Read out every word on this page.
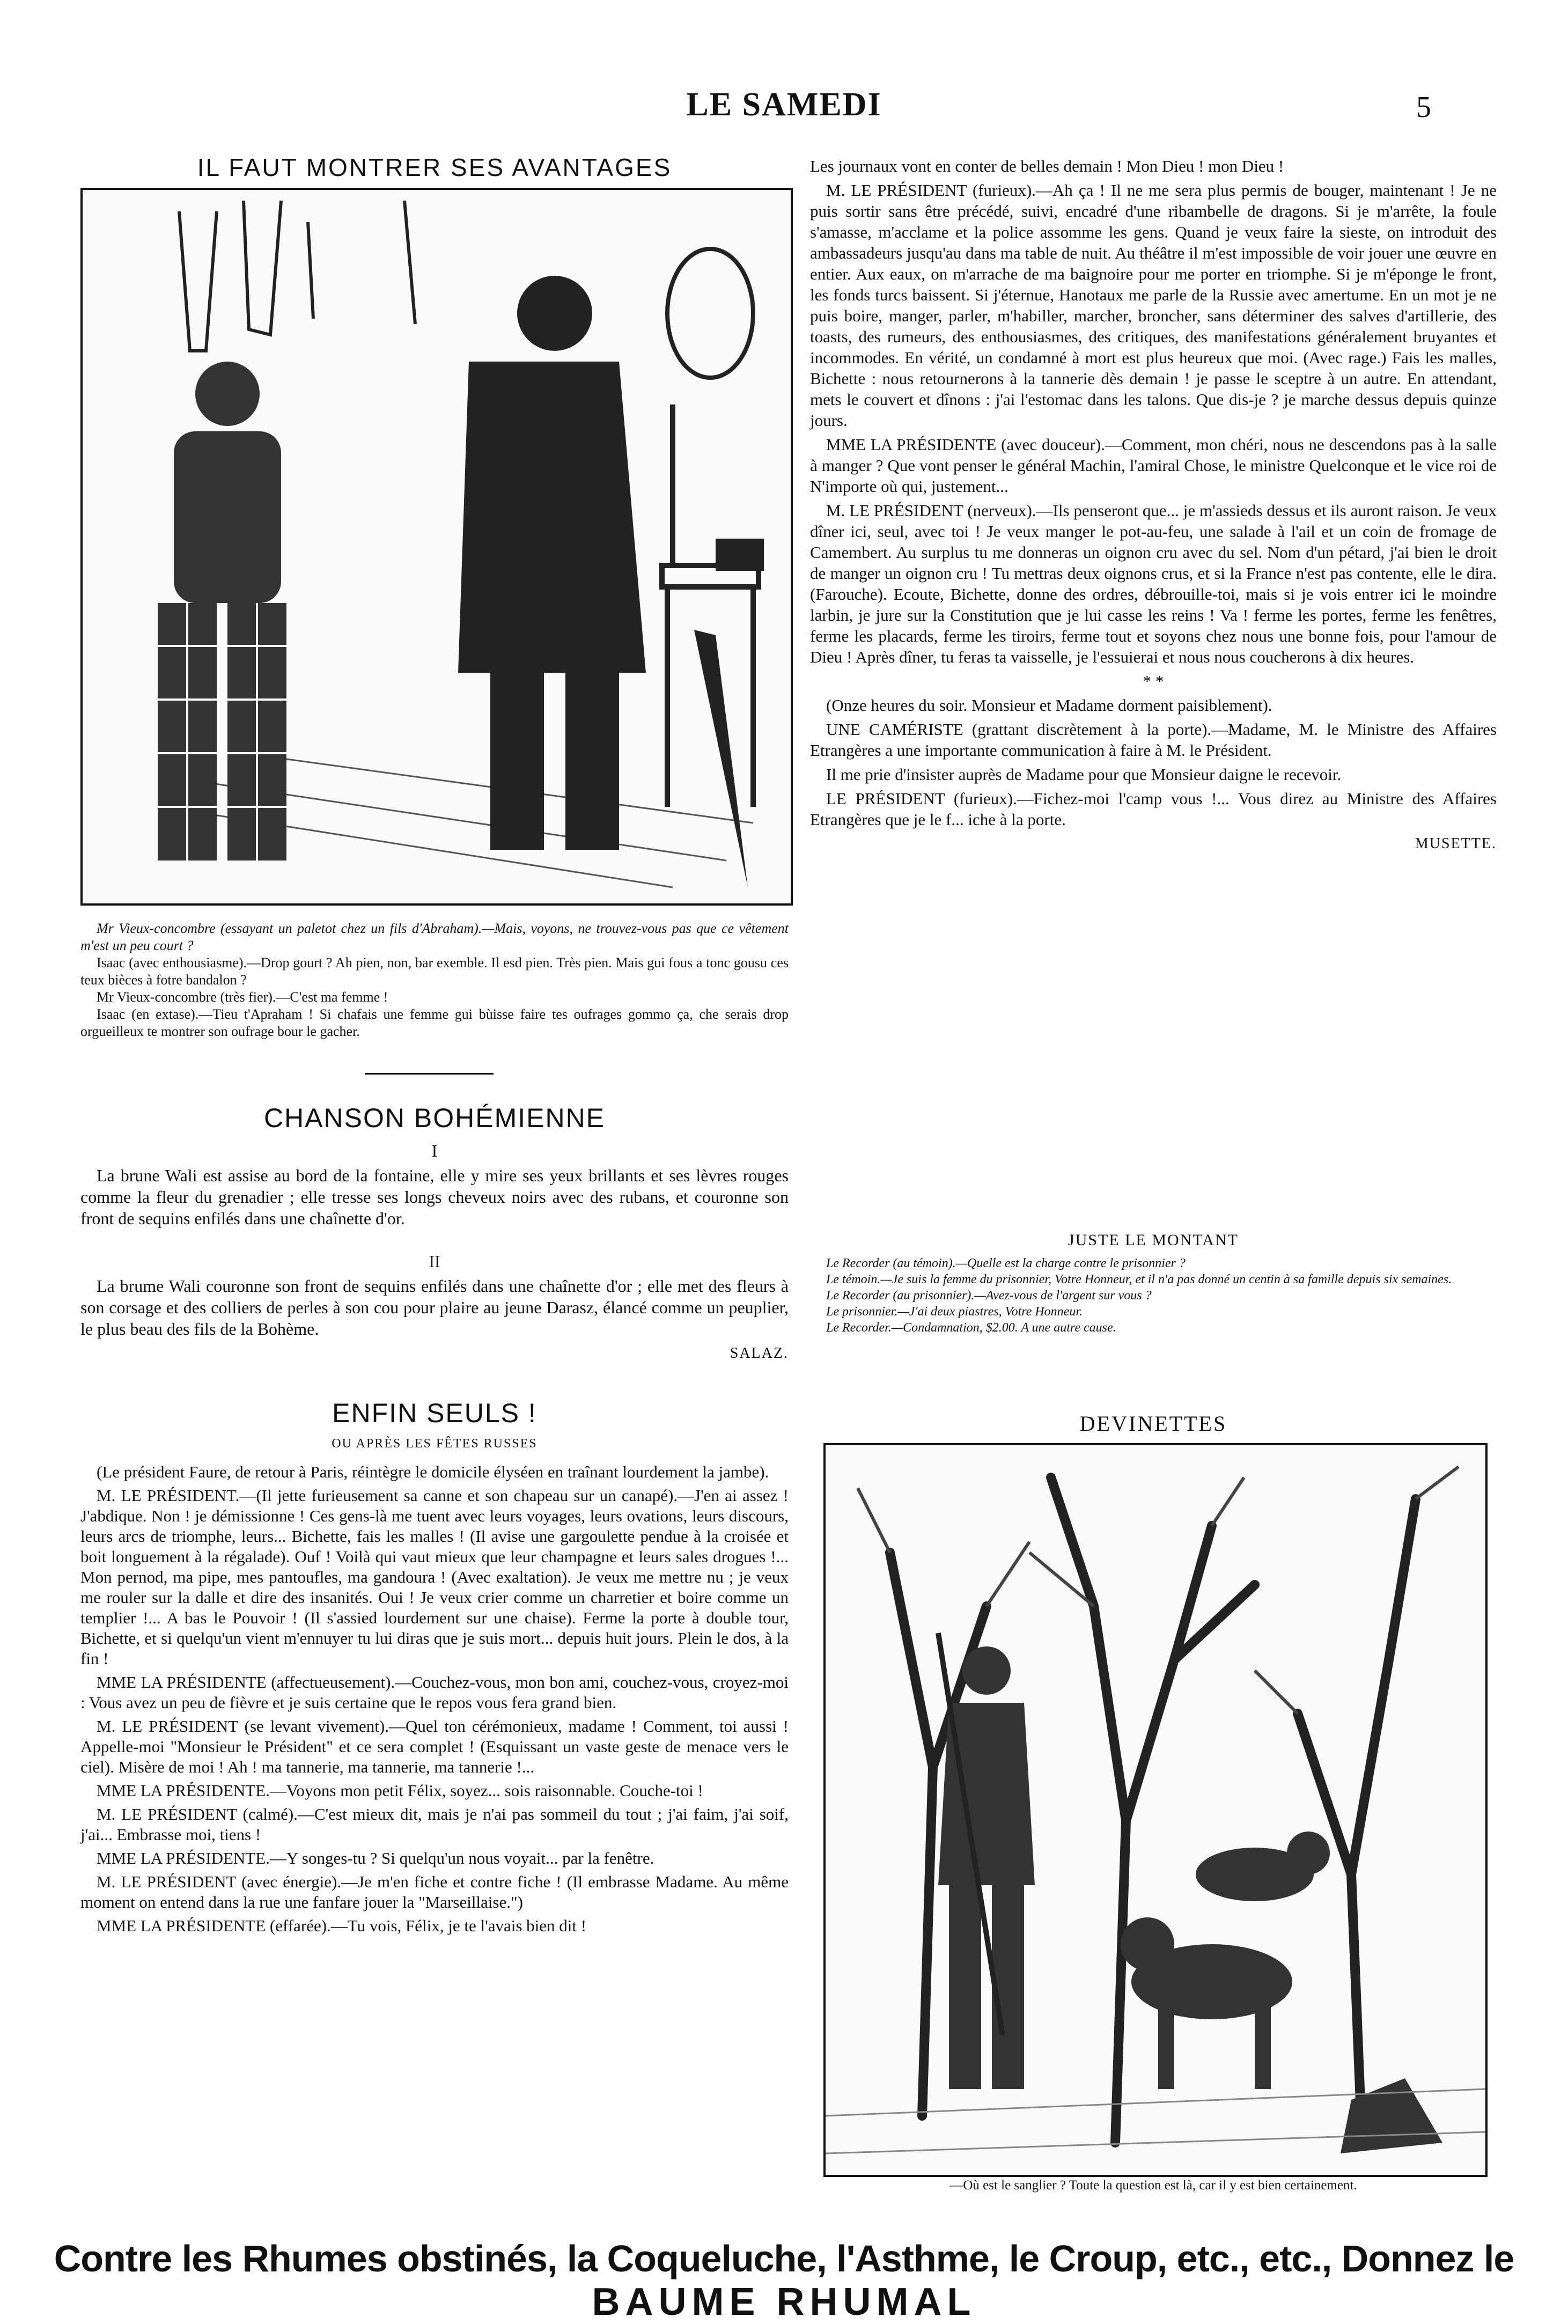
LE SAMEDI	5
IL FAUT MONTRER SES AVANTAGES

Mr Vieux-concombre (essayant un paletot chez un fils d'Abraham).—Mais, voyons, ne trouvez-vous pas que ce vêtement m'est un peu court ?

Isaac (avec enthousiasme).—Drop gourt ? Ah pien, non, bar exemble. Il esd pien. Très pien. Mais gui fous a tonc gousu ces teux bièces à fotre bandalon ?

Mr Vieux-concombre (très fier).—C'est ma femme !

Isaac (en extase).—Tieu t'Apraham ! Si chafais une femme gui bùisse faire tes oufrages gommo ça, che serais drop orgueilleux te montrer son oufrage bour le gacher.

CHANSON BOHÉMIENNE

I

La brune Wali est assise au bord de la fontaine, elle y mire ses yeux brillants et ses lèvres rouges comme la fleur du grenadier ; elle tresse ses longs cheveux noirs avec des rubans, et couronne son front de sequins enfilés dans une chaînette d'or.

II

La brume Wali couronne son front de sequins enfilés dans une chaînette d'or ; elle met des fleurs à son corsage et des colliers de perles à son cou pour plaire au jeune Darasz, élancé comme un peuplier, le plus beau des fils de la Bohème.

SALAZ.
ENFIN SEULS !
OU APRÈS LES FÊTES RUSSES

(Le président Faure, de retour à Paris, réintègre le domicile élyséen en traînant lourdement la jambe).

M. LE PRÉSIDENT.—(Il jette furieusement sa canne et son chapeau sur un canapé).—J'en ai assez ! J'abdique. Non ! je démissionne ! Ces gens-là me tuent avec leurs voyages, leurs ovations, leurs discours, leurs arcs de triomphe, leurs... Bichette, fais les malles ! (Il avise une gargoulette pendue à la croisée et boit longuement à la régalade). Ouf ! Voilà qui vaut mieux que leur champagne et leurs sales drogues !... Mon pernod, ma pipe, mes pantoufles, ma gandoura ! (Avec exaltation). Je veux me mettre nu ; je veux me rouler sur la dalle et dire des insanités. Oui ! Je veux crier comme un charretier et boire comme un templier !... A bas le Pouvoir ! (Il s'assied lourdement sur une chaise). Ferme la porte à double tour, Bichette, et si quelqu'un vient m'ennuyer tu lui diras que je suis mort... depuis huit jours. Plein le dos, à la fin !

MME LA PRÉSIDENTE (affectueusement).—Couchez-vous, mon bon ami, couchez-vous, croyez-moi : Vous avez un peu de fièvre et je suis certaine que le repos vous fera grand bien.

M. LE PRÉSIDENT (se levant vivement).—Quel ton cérémonieux, madame ! Comment, toi aussi ! Appelle-moi "Monsieur le Président" et ce sera complet ! (Esquissant un vaste geste de menace vers le ciel). Misère de moi ! Ah ! ma tannerie, ma tannerie, ma tannerie !...

MME LA PRÉSIDENTE.—Voyons mon petit Félix, soyez... sois raisonnable. Couche-toi !

M. LE PRÉSIDENT (calmé).—C'est mieux dit, mais je n'ai pas sommeil du tout ; j'ai faim, j'ai soif, j'ai... Embrasse moi, tiens !

MME LA PRÉSIDENTE.—Y songes-tu ? Si quelqu'un nous voyait... par la fenêtre.

M. LE PRÉSIDENT (avec énergie).—Je m'en fiche et contre fiche ! (Il embrasse Madame. Au même moment on entend dans la rue une fanfare jouer la "Marseillaise.")

MME LA PRÉSIDENTE (effarée).—Tu vois, Félix, je te l'avais bien dit !

Les journaux vont en conter de belles demain ! Mon Dieu ! mon Dieu !

M. LE PRÉSIDENT (furieux).—Ah ça ! Il ne me sera plus permis de bouger, maintenant ! Je ne puis sortir sans être précédé, suivi, encadré d'une ribambelle de dragons. Si je m'arrête, la foule s'amasse, m'acclame et la police assomme les gens. Quand je veux faire la sieste, on introduit des ambassadeurs jusqu'au dans ma table de nuit. Au théâtre il m'est impossible de voir jouer une œuvre en entier. Aux eaux, on m'arrache de ma baignoire pour me porter en triomphe. Si je m'éponge le front, les fonds turcs baissent. Si j'éternue, Hanotaux me parle de la Russie avec amertume. En un mot je ne puis boire, manger, parler, m'habiller, marcher, broncher, sans déterminer des salves d'artillerie, des toasts, des rumeurs, des enthousiasmes, des critiques, des manifestations généralement bruyantes et incommodes. En vérité, un condamné à mort est plus heureux que moi. (Avec rage.) Fais les malles, Bichette : nous retournerons à la tannerie dès demain ! je passe le sceptre à un autre. En attendant, mets le couvert et dînons : j'ai l'estomac dans les talons. Que dis-je ? je marche dessus depuis quinze jours.

MME LA PRÉSIDENTE (avec douceur).—Comment, mon chéri, nous ne descendons pas à la salle à manger ? Que vont penser le général Machin, l'amiral Chose, le ministre Quelconque et le vice roi de N'importe où qui, justement...

M. LE PRÉSIDENT (nerveux).—Ils penseront que... je m'assieds dessus et ils auront raison. Je veux dîner ici, seul, avec toi ! Je veux manger le pot-au-feu, une salade à l'ail et un coin de fromage de Camembert. Au surplus tu me donneras un oignon cru avec du sel. Nom d'un pétard, j'ai bien le droit de manger un oignon cru ! Tu mettras deux oignons crus, et si la France n'est pas contente, elle le dira. (Farouche). Ecoute, Bichette, donne des ordres, débrouille-toi, mais si je vois entrer ici le moindre larbin, je jure sur la Constitution que je lui casse les reins ! Va ! ferme les portes, ferme les fenêtres, ferme les placards, ferme les tiroirs, ferme tout et soyons chez nous une bonne fois, pour l'amour de Dieu ! Après dîner, tu feras ta vaisselle, je l'essuierai et nous nous coucherons à dix heures.

* *

(Onze heures du soir. Monsieur et Madame dorment paisiblement).

UNE CAMÉRISTE (grattant discrètement à la porte).—Madame, M. le Ministre des Affaires Etrangères a une importante communication à faire à M. le Président.

Il me prie d'insister auprès de Madame pour que Monsieur daigne le recevoir.

LE PRÉSIDENT (furieux).—Fichez-moi l'camp vous !... Vous direz au Ministre des Affaires Etrangères que je le f... iche à la porte.

MUSETTE.
JUSTE LE MONTANT

Le Recorder (au témoin).—Quelle est la charge contre le prisonnier ?

Le témoin.—Je suis la femme du prisonnier, Votre Honneur, et il n'a pas donné un centin à sa famille depuis six semaines.

Le Recorder (au prisonnier).—Avez-vous de l'argent sur vous ?

Le prisonnier.—J'ai deux piastres, Votre Honneur.

Le Recorder.—Condamnation, $2.00. A une autre cause.

DEVINETTES
—Où est le sanglier ? Toute la question est là, car il y est bien certainement.
Contre les Rhumes obstinés, la Coqueluche, l'Asthme, le Croup, etc., etc., Donnez le BAUME RHUMAL
